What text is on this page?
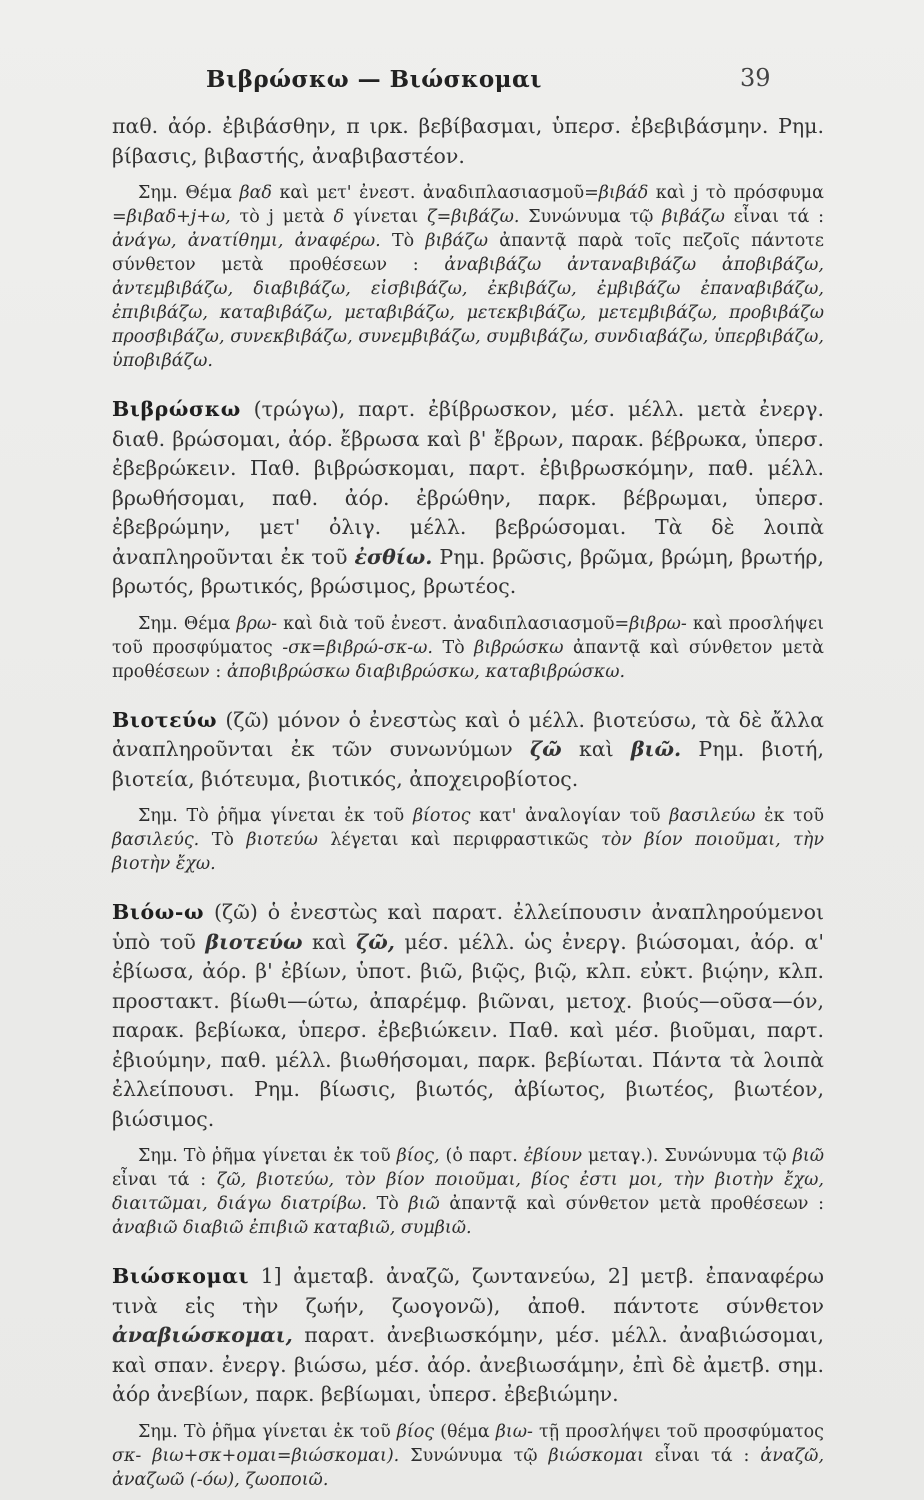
Βιβρώσκω — Βιώσκομαι	39

παθ. ἀόρ. ἐβιβάσθην, π ιρκ. βεβίβασμαι, ὑπερσ. ἐβεβιβάσμην. Ρημ. βίβασις, βιβαστής, ἀναβιβαστέον.

Σημ. Θέμα βαδ καὶ μετ' ἐνεστ. ἀναδιπλασιασμοῦ=βιβάδ καὶ j τὸ πρόσφυμα =βιβαδ+j+ω, τὸ j μετὰ δ γίνεται ζ=βιβάζω. Συνώνυμα τῷ βιβάζω εἶναι τά : ἀνάγω, ἀνατίθημι, ἀναφέρω. Τὸ βιβάζω ἀπαντᾷ παρὰ τοῖς πεζοῖς πάντοτε σύνθετον μετὰ προθέσεων : ἀναβιβάζω ἀνταναβιβάζω ἀποβιβάζω, ἀντεμβιβάζω, διαβιβάζω, εἰσβιβάζω, ἐκβιβάζω, ἐμβιβάζω ἐπαναβιβάζω, ἐπιβιβάζω, καταβιβάζω, μεταβιβάζω, μετεκβιβάζω, μετεμβιβάζω, προβιβάζω προσβιβάζω, συνεκβιβάζω, συνεμβιβάζω, συμβιβάζω, συνδιαβάζω, ὑπερβιβάζω, ὑποβιβάζω.

Βιβρώσκω (τρώγω), παρτ. ἐβίβρωσκον, μέσ. μέλλ. μετὰ ἐνεργ. διαθ. βρώσομαι, ἀόρ. ἔβρωσα καὶ β' ἔβρων, παρακ. βέβρωκα, ὑπερσ. ἐβεβρώκειν. Παθ. βιβρώσκομαι, παρτ. ἐβιβρωσκόμην, παθ. μέλλ. βρωθήσομαι, παθ. ἀόρ. ἐβρώθην, παρκ. βέβρωμαι, ὑπερσ. ἐβεβρώμην, μετ' ὀλιγ. μέλλ. βεβρώσομαι. Τὰ δὲ λοιπὰ ἀναπληροῦνται ἐκ τοῦ ἐσθίω. Ρημ. βρῶσις, βρῶμα, βρώμη, βρωτήρ, βρωτός, βρωτικός, βρώσιμος, βρωτέος.

Σημ. Θέμα βρω- καὶ διὰ τοῦ ἐνεστ. ἀναδιπλασιασμοῦ=βιβρω- καὶ προσλήψει τοῦ προσφύματος -σκ=βιβρώ-σκ-ω. Τὸ βιβρώσκω ἀπαντᾷ καὶ σύνθετον μετὰ προθέσεων : ἀποβιβρώσκω διαβιβρώσκω, καταβιβρώσκω.

Βιοτεύω (ζῶ) μόνον ὁ ἐνεστὼς καὶ ὁ μέλλ. βιοτεύσω, τὰ δὲ ἄλλα ἀναπληροῦνται ἐκ τῶν συνωνύμων ζῶ καὶ βιῶ. Ρημ. βιοτή, βιοτεία, βιότευμα, βιοτικός, ἀποχειροβίοτος.

Σημ. Τὸ ῥῆμα γίνεται ἐκ τοῦ βίοτος κατ' ἀναλογίαν τοῦ βασιλεύω ἐκ τοῦ βασιλεύς. Τὸ βιοτεύω λέγεται καὶ περιφραστικῶς τὸν βίον ποιοῦμαι, τὴν βιοτὴν ἔχω.

Βιόω-ω (ζῶ) ὁ ἐνεστὼς καὶ παρατ. ἐλλείπουσιν ἀναπληρούμενοι ὑπὸ τοῦ βιοτεύω καὶ ζῶ, μέσ. μέλλ. ὡς ἐνεργ. βιώσομαι, ἀόρ. α' ἐβίωσα, ἀόρ. β' ἐβίων, ὑποτ. βιῶ, βιῷς, βιῷ, κλπ. εὐκτ. βιῴην, κλπ. προστακτ. βίωθι—ώτω, ἀπαρέμφ. βιῶναι, μετοχ. βιούς—οῦσα—όν, παρακ. βεβίωκα, ὑπερσ. ἐβεβιώκειν. Παθ. καὶ μέσ. βιοῦμαι, παρτ. ἐβιούμην, παθ. μέλλ. βιωθήσομαι, παρκ. βεβίωται. Πάντα τὰ λοιπὰ ἐλλείπουσι. Ρημ. βίωσις, βιωτός, ἀβίωτος, βιωτέος, βιωτέον, βιώσιμος.

Σημ. Τὸ ῥῆμα γίνεται ἐκ τοῦ βίος, (ὁ παρτ. ἐβίουν μεταγ.). Συνώνυμα τῷ βιῶ εἶναι τά : ζῶ, βιοτεύω, τὸν βίον ποιοῦμαι, βίος ἐστι μοι, τὴν βιοτὴν ἔχω, διαιτῶμαι, διάγω διατρίβω. Τὸ βιῶ ἀπαντᾷ καὶ σύνθετον μετὰ προθέσεων : ἀναβιῶ διαβιῶ ἐπιβιῶ καταβιῶ, συμβιῶ.

Βιώσκομαι 1] ἀμεταβ. ἀναζῶ, ζωντανεύω, 2] μετβ. ἐπαναφέρω τινὰ εἰς τὴν ζωήν, ζωογονῶ), ἀποθ. πάντοτε σύνθετον ἀναβιώσκομαι, παρατ. ἀνεβιωσκόμην, μέσ. μέλλ. ἀναβιώσομαι, καὶ σπαν. ἐνεργ. βιώσω, μέσ. ἀόρ. ἀνεβιωσάμην, ἐπὶ δὲ ἀμετβ. σημ. ἀόρ ἀνεβίων, παρκ. βεβίωμαι, ὑπερσ. ἐβεβιώμην.

Σημ. Τὸ ῥῆμα γίνεται ἐκ τοῦ βίος (θέμα βιω- τῇ προσλήψει τοῦ προσφύματος σκ- βιω+σκ+ομαι=βιώσκομαι). Συνώνυμα τῷ βιώσκομαι εἶναι τά : ἀναζῶ, ἀναζωῶ (-όω), ζωοποιῶ.
